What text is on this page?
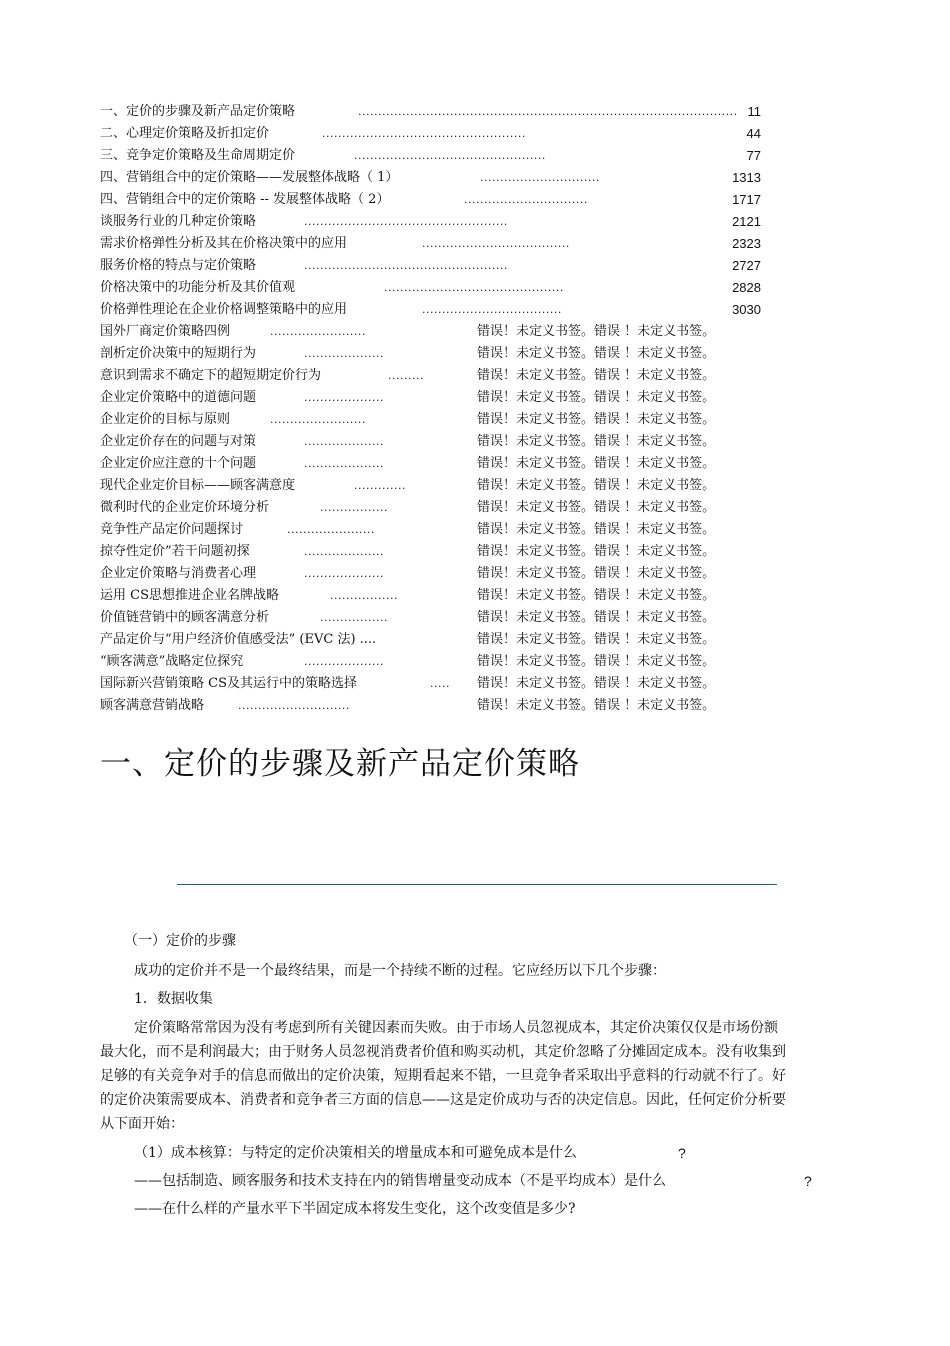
一、定价的步骤及新产品定价策略	............................................................................................... 11
二、心理定价策略及折扣定价	...................................................	44
三、竞争定价策略及生命周期定价	................................................	77
四、营销组合中的定价策略——发展整体战略（ 1）	..............................	1313
四、营销组合中的定价策略 -- 发展整体战略（ 2）	...............................	1717
谈服务行业的几种定价策略	...................................................	2121
需求价格弹性分析及其在价格决策中的应用	.....................................	2323
服务价格的特点与定价策略	...................................................	2727
价格决策中的功能分析及其价值观	.............................................	2828
价格弹性理论在企业价格调整策略中的应用	...................................	3030
国外厂商定价策略四例	........................	错误！未定义书签。错误 ！未定义书签。
剖析定价决策中的短期行为	....................	错误！未定义书签。错误 ！未定义书签。
意识到需求不确定下的超短期定价行为	.........	错误！未定义书签。错误 ！未定义书签。
企业定价策略中的道德问题	....................	错误！未定义书签。错误 ！未定义书签。
企业定价的目标与原则	........................	错误！未定义书签。错误 ！未定义书签。
企业定价存在的问题与对策	....................	错误！未定义书签。错误 ！未定义书签。
企业定价应注意的十个问题	....................	错误！未定义书签。错误 ！未定义书签。
现代企业定价目标——顾客满意度	.............	错误！未定义书签。错误 ！未定义书签。
微利时代的企业定价环境分析	.................	错误！未定义书签。错误 ！未定义书签。
竞争性产品定价问题探讨	......................	错误！未定义书签。错误 ！未定义书签。
掠夺性定价”若干问题初探	....................	错误！未定义书签。错误 ！未定义书签。
企业定价策略与消费者心理	....................	错误！未定义书签。错误 ！未定义书签。
运用 CS思想推进企业名牌战略	.................	错误！未定义书签。错误 ！未定义书签。
价值链营销中的顾客满意分析	.................	错误！未定义书签。错误 ！未定义书签。
产品定价与“用户经济价值感受法” (EVC 法) ....	错误！未定义书签。错误 ！未定义书签。
“顾客满意”战略定位探究	....................	错误！未定义书签。错误 ！未定义书签。
国际新兴营销策略 CS及其运行中的策略选择	.....	错误！未定义书签。错误 ！未定义书签。
顾客满意营销战略	............................	错误！未定义书签。错误 ！未定义书签。
一、定价的步骤及新产品定价策略
（一）定价的步骤
成功的定价并不是一个最终结果，而是一个持续不断的过程。它应经历以下几个步骤：
1．数据收集

定价策略常常因为没有考虑到所有关键因素而失败。由于市场人员忽视成本，其定价决策仅仅是市场份额最大化，而不是利润最大；由于财务人员忽视消费者价值和购买动机，其定价忽略了分摊固定成本。没有收集到足够的有关竞争对手的信息而做出的定价决策，短期看起来不错，一旦竞争者采取出乎意料的行动就不行了。好的定价决策需要成本、消费者和竞争者三方面的信息——这是定价成功与否的决定信息。因此，任何定价分析要从下面开始：

（1）成本核算：与特定的定价决策相关的增量成本和可避免成本是什么	?
——包括制造、顾客服务和技术支持在内的销售增量变动成本（不是平均成本）是什么	?
——在什么样的产量水平下半固定成本将发生变化，这个改变值是多少?
